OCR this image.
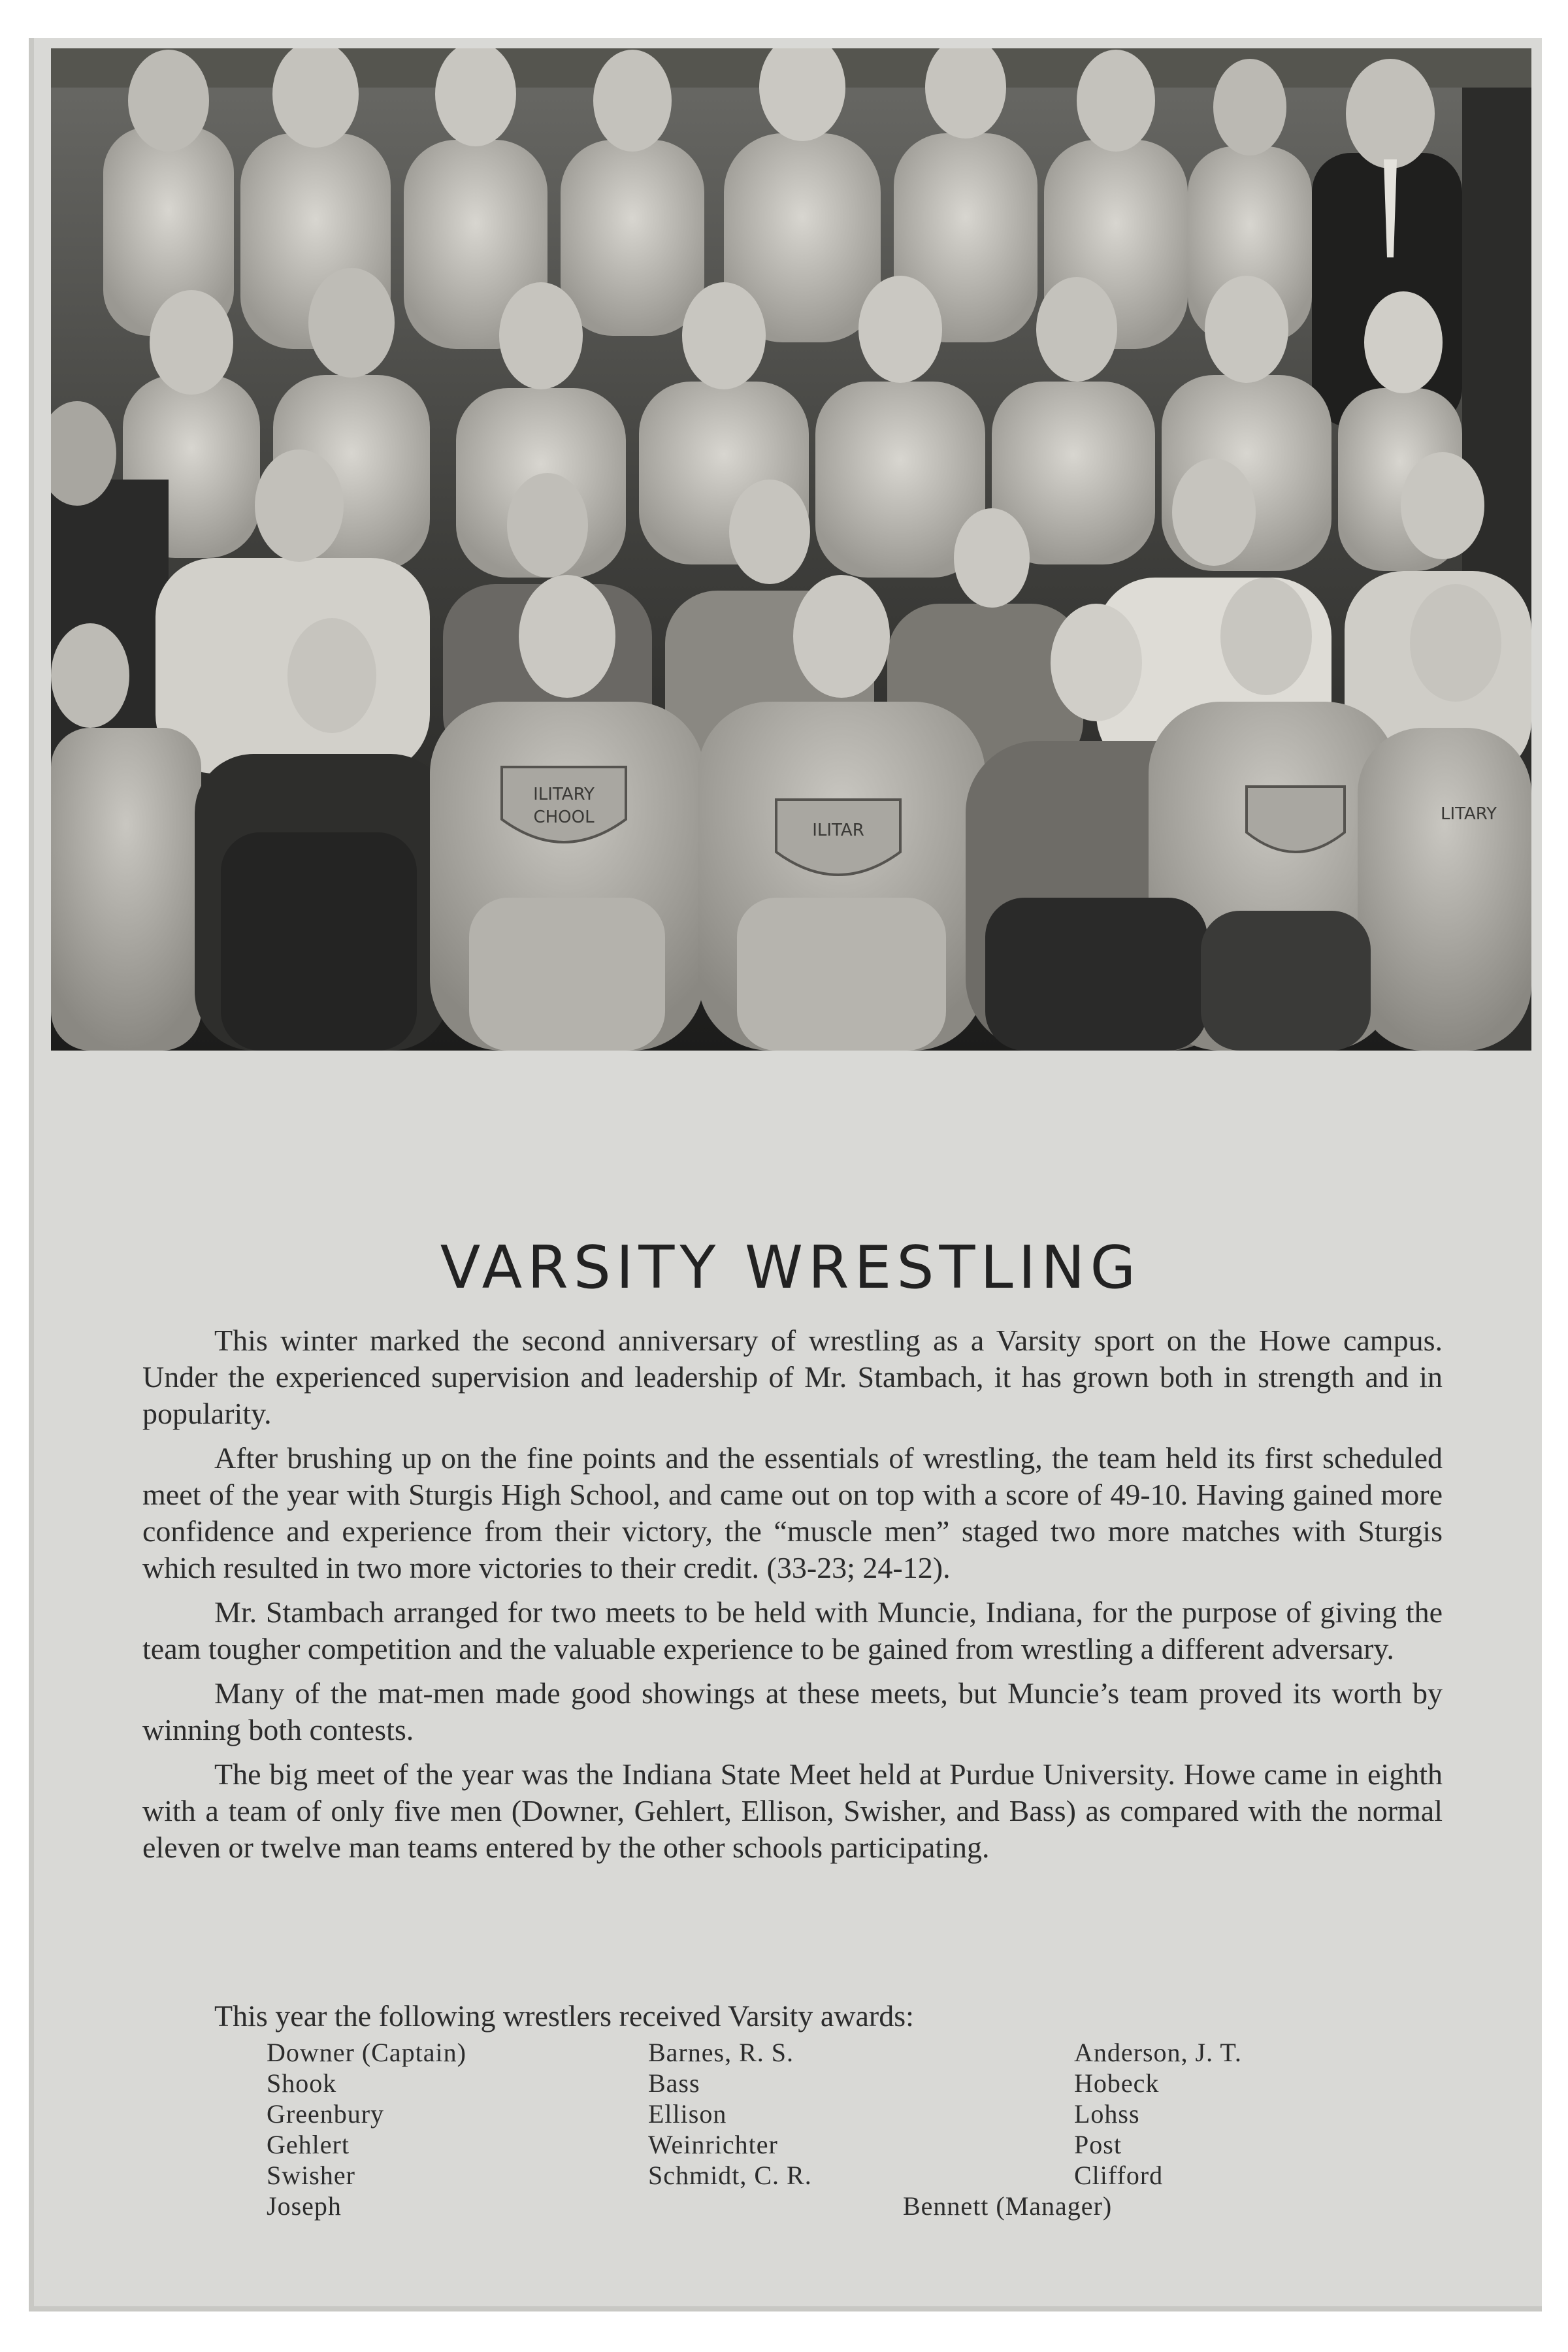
ILITARY
CHOOL
ILITAR
LITARY
VARSITY WRESTLING

This winter marked the second anniversary of wrestling as a Varsity sport on the Howe campus. Under the experienced supervision and leadership of Mr. Stambach, it has grown both in strength and in popularity.

After brushing up on the fine points and the essentials of wrestling, the team held its first scheduled meet of the year with Sturgis High School, and came out on top with a score of 49-10. Having gained more confidence and experience from their victory, the “muscle men” staged two more matches with Sturgis which resulted in two more victories to their credit. (33-23; 24-12).

Mr. Stambach arranged for two meets to be held with Muncie, Indiana, for the purpose of giving the team tougher competition and the valuable experience to be gained from wrestling a different adversary.

Many of the mat-men made good showings at these meets, but Muncie’s team proved its worth by winning both contests.

The big meet of the year was the Indiana State Meet held at Purdue University. Howe came in eighth with a team of only five men (Downer, Gehlert, Ellison, Swisher, and Bass) as compared with the normal eleven or twelve man teams entered by the other schools participating.

This year the following wrestlers received Varsity awards:

Downer (Captain)
Shook
Greenbury
Gehlert
Swisher
Joseph
Barnes, R. S.
Bass
Ellison
Weinrichter
Schmidt, C. R.
Anderson, J. T.
Hobeck
Lohss
Post
Clifford
Bennett (Manager)
